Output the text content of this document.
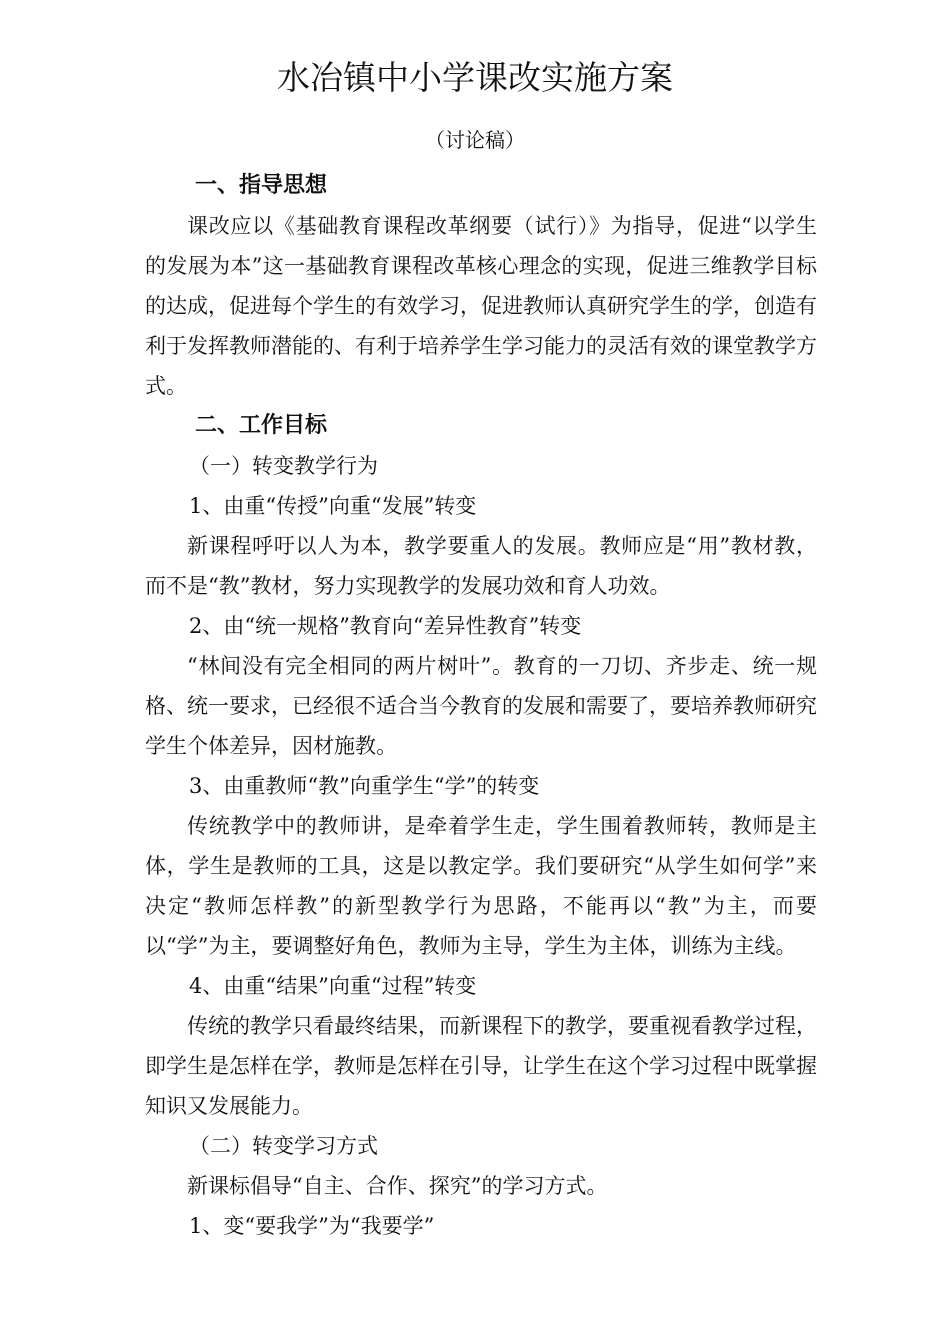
水冶镇中小学课改实施方案
（讨论稿）
一、指导思想

课改应以《基础教育课程改革纲要（试行）》为指导，促进“以学生的发展为本”这一基础教育课程改革核心理念的实现，促进三维教学目标的达成，促进每个学生的有效学习，促进教师认真研究学生的学，创造有利于发挥教师潜能的、有利于培养学生学习能力的灵活有效的课堂教学方式。

二、工作目标

（一）转变教学行为

1、由重“传授”向重“发展”转变

新课程呼吁以人为本，教学要重人的发展。教师应是“用”教材教，而不是“教”教材，努力实现教学的发展功效和育人功效。

2、由“统一规格”教育向“差异性教育”转变

“林间没有完全相同的两片树叶”。教育的一刀切、齐步走、统一规格、统一要求，已经很不适合当今教育的发展和需要了，要培养教师研究学生个体差异，因材施教。

3、由重教师“教”向重学生“学”的转变

传统教学中的教师讲，是牵着学生走，学生围着教师转，教师是主体，学生是教师的工具，这是以教定学。我们要研究“从学生如何学”来决定“教师怎样教”的新型教学行为思路，不能再以“教”为主，而要以“学”为主，要调整好角色，教师为主导，学生为主体，训练为主线。

4、由重“结果”向重“过程”转变

传统的教学只看最终结果，而新课程下的教学，要重视看教学过程，即学生是怎样在学，教师是怎样在引导，让学生在这个学习过程中既掌握知识又发展能力。

（二）转变学习方式

新课标倡导“自主、合作、探究”的学习方式。

1、变“要我学”为“我要学”
